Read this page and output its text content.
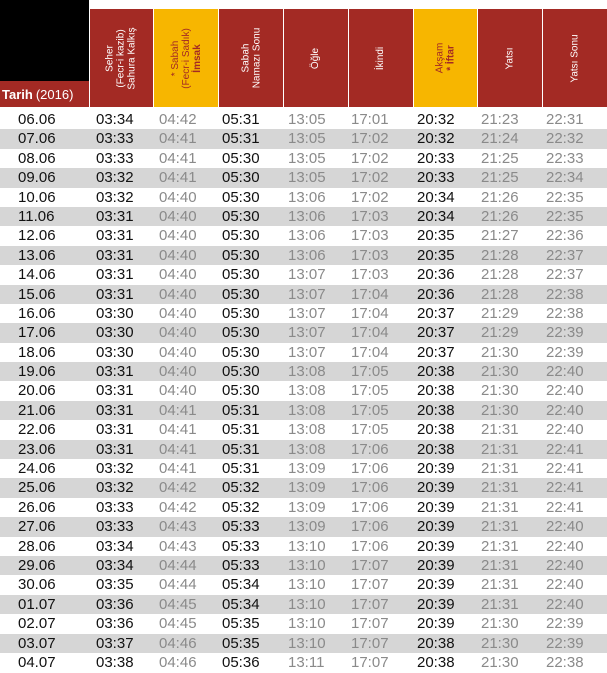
Tarih (2016)
Seher (Fecr-i kazib) Sahura Kalkış	* Sabah (Fecr-i Sadık) İmsak	Sabah Namazı Sonu	Öğle	İkindi	Akşam * İftar	Yatsı	Yatsı Sonu
06.06	03:34 04:42 05:31 13:05 17:01 20:32 21:23 22:31
07.06	03:33 04:41 05:31 13:05 17:02 20:32 21:24 22:32
08.06	03:33 04:41 05:30 13:05 17:02 20:33 21:25 22:33
09.06	03:32 04:41 05:30 13:05 17:02 20:33 21:25 22:34
10.06	03:32 04:40 05:30 13:06 17:02 20:34 21:26 22:35
11.06	03:31 04:40 05:30 13:06 17:03 20:34 21:26 22:35
12.06	03:31 04:40 05:30 13:06 17:03 20:35 21:27 22:36
13.06	03:31 04:40 05:30 13:06 17:03 20:35 21:28 22:37
14.06	03:31 04:40 05:30 13:07 17:03 20:36 21:28 22:37
15.06	03:31 04:40 05:30 13:07 17:04 20:36 21:28 22:38
16.06	03:30 04:40 05:30 13:07 17:04 20:37 21:29 22:38
17.06	03:30 04:40 05:30 13:07 17:04 20:37 21:29 22:39
18.06	03:30 04:40 05:30 13:07 17:04 20:37 21:30 22:39
19.06	03:31 04:40 05:30 13:08 17:05 20:38 21:30 22:40
20.06	03:31 04:40 05:30 13:08 17:05 20:38 21:30 22:40
21.06	03:31 04:41 05:31 13:08 17:05 20:38 21:30 22:40
22.06	03:31 04:41 05:31 13:08 17:05 20:38 21:31 22:40
23.06	03:31 04:41 05:31 13:08 17:06 20:38 21:31 22:41
24.06	03:32 04:41 05:31 13:09 17:06 20:39 21:31 22:41
25.06	03:32 04:42 05:32 13:09 17:06 20:39 21:31 22:41
26.06	03:33 04:42 05:32 13:09 17:06 20:39 21:31 22:41
27.06	03:33 04:43 05:33 13:09 17:06 20:39 21:31 22:40
28.06	03:34 04:43 05:33 13:10 17:06 20:39 21:31 22:40
29.06	03:34 04:44 05:33 13:10 17:07 20:39 21:31 22:40
30.06	03:35 04:44 05:34 13:10 17:07 20:39 21:31 22:40
01.07	03:36 04:45 05:34 13:10 17:07 20:39 21:31 22:40
02.07	03:36 04:45 05:35 13:10 17:07 20:39 21:30 22:39
03.07	03:37 04:46 05:35 13:10 17:07 20:38 21:30 22:39
04.07	03:38 04:46 05:36 13:11 17:07 20:38 21:30 22:38
